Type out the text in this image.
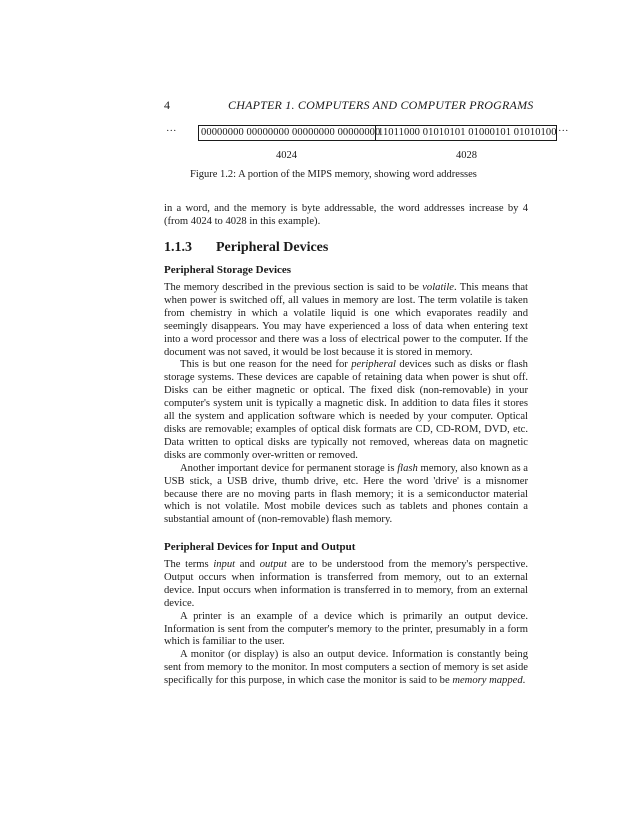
4	CHAPTER 1. COMPUTERS AND COMPUTER PROGRAMS
··· 00000000 00000000 00000000 00000000
11011000 01010101 01000101 01010100 ···
4024	4028
Figure 1.2: A portion of the MIPS memory, showing word addresses

in a word, and the memory is byte addressable, the word addresses increase by 4 (from 4024 to 4028 in this example).

1.1.3 Peripheral Devices
Peripheral Storage Devices

The memory described in the previous section is said to be volatile. This means that when power is switched off, all values in memory are lost. The term volatile is taken from chemistry in which a volatile liquid is one which evaporates readily and seemingly disappears. You may have experienced a loss of data when entering text into a word processor and there was a loss of electrical power to the computer. If the document was not saved, it would be lost because it is stored in memory.

This is but one reason for the need for peripheral devices such as disks or flash storage systems. These devices are capable of retaining data when power is shut off. Disks can be either magnetic or optical. The fixed disk (non-removable) in your computer's system unit is typically a magnetic disk. In addition to data files it stores all the system and application software which is needed by your computer. Optical disks are removable; examples of optical disk formats are CD, CD-ROM, DVD, etc. Data written to optical disks are typically not removed, whereas data on magnetic disks are commonly over-written or removed.

Another important device for permanent storage is flash memory, also known as a USB stick, a USB drive, thumb drive, etc. Here the word 'drive' is a misnomer because there are no moving parts in flash memory; it is a semiconductor material which is not volatile. Most mobile devices such as tablets and phones contain a substantial amount of (non-removable) flash memory.

Peripheral Devices for Input and Output

The terms input and output are to be understood from the memory's perspective. Output occurs when information is transferred from memory, out to an external device. Input occurs when information is transferred in to memory, from an external device.

A printer is an example of a device which is primarily an output device. Information is sent from the computer's memory to the printer, presumably in a form which is familiar to the user.

A monitor (or display) is also an output device. Information is constantly being sent from memory to the monitor. In most computers a section of memory is set aside specifically for this purpose, in which case the monitor is said to be memory mapped.
